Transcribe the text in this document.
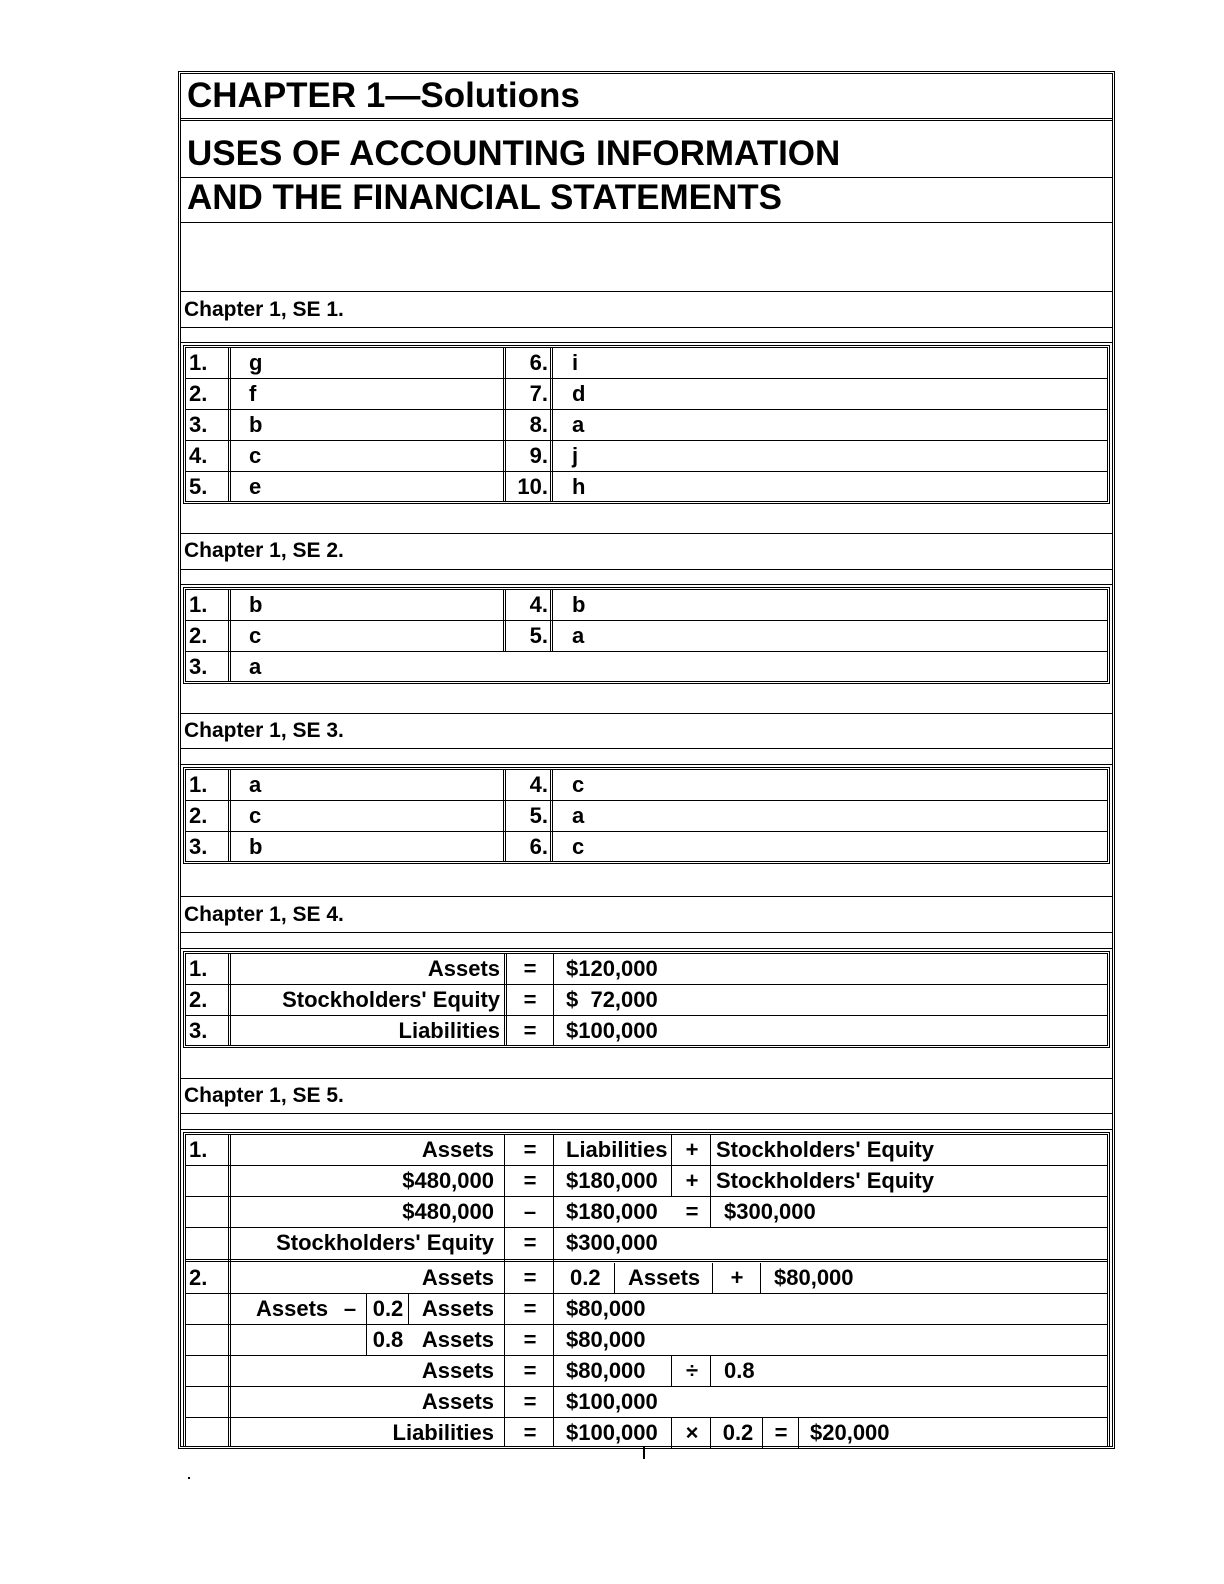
CHAPTER 1—Solutions
USES OF ACCOUNTING INFORMATION
AND THE FINANCIAL STATEMENTS
Chapter 1, SE 1.
1. g	6. i
2. f	7. d
3. b	8. a
4. c	9. j
5. e	10. h
Chapter 1, SE 2.
1. b	4. b
2. c	5. a
3. a
Chapter 1, SE 3.
1. a	4. c
2. c	5. a
3. b	6. c
Chapter 1, SE 4.
1.	Assets	=	$120,000
2.	Stockholders' Equity	=	$  72,000
3.	Liabilities	=	$100,000
Chapter 1, SE 5.
1.	Assets	=	Liabilities + Stockholders' Equity
$480,000	=	$180,000	+ Stockholders' Equity
$480,000	–	$180,000	=	$300,000
Stockholders' Equity	=	$300,000
2.	Assets	=	0.2 Assets	+	$80,000
Assets – 0.2 Assets	=	$80,000
0.8 Assets	=	$80,000
Assets	=	$80,000	÷	0.8
Assets	=	$100,000
Liabilities	=	$100,000	×	0.2 =	$20,000
